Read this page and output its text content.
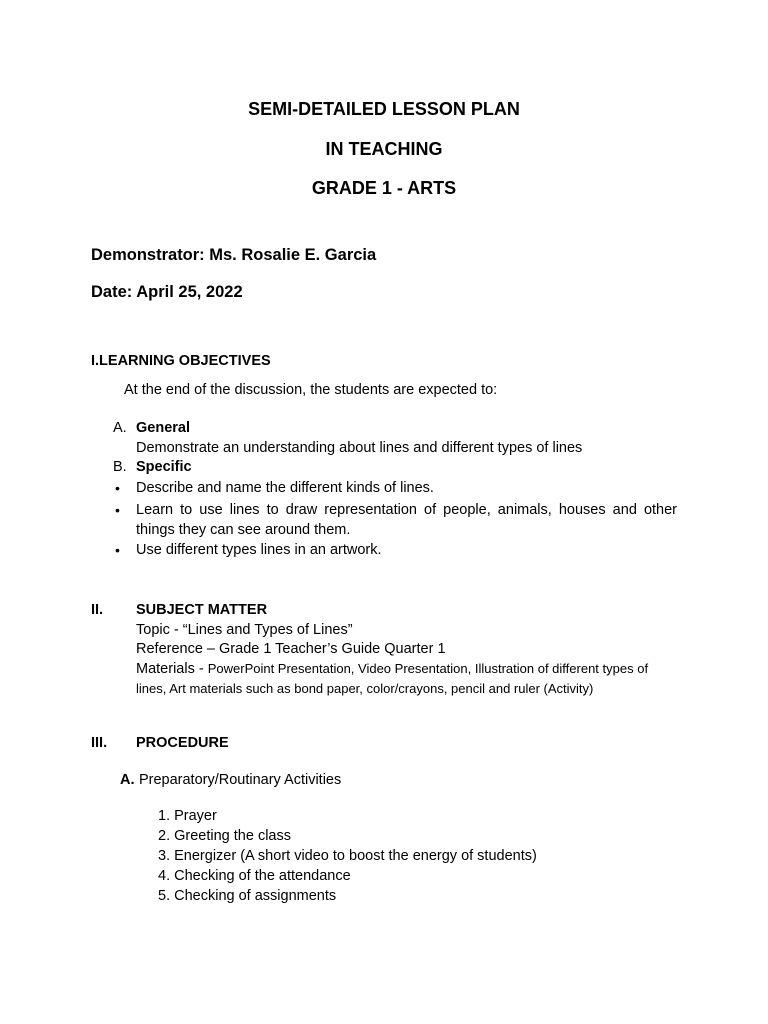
SEMI-DETAILED LESSON PLAN
IN TEACHING
GRADE 1 - ARTS
Demonstrator: Ms. Rosalie E. Garcia
Date: April 25, 2022
I.LEARNING OBJECTIVES
At the end of the discussion, the students are expected to:
A. General
Demonstrate an understanding about lines and different types of lines
B. Specific
• Describe and name the different kinds of lines.
• Learn to use lines to draw representation of people, animals, houses and other
things they can see around them.
• Use different types lines in an artwork.
II. SUBJECT MATTER
Topic - “Lines and Types of Lines”
Reference – Grade 1 Teacher’s Guide Quarter 1
Materials - PowerPoint Presentation, Video Presentation, Illustration of different types of
lines, Art materials such as bond paper, color/crayons, pencil and ruler (Activity)
III. PROCEDURE
A. Preparatory/Routinary Activities
1. Prayer
2. Greeting the class
3. Energizer (A short video to boost the energy of students)
4. Checking of the attendance
5. Checking of assignments
